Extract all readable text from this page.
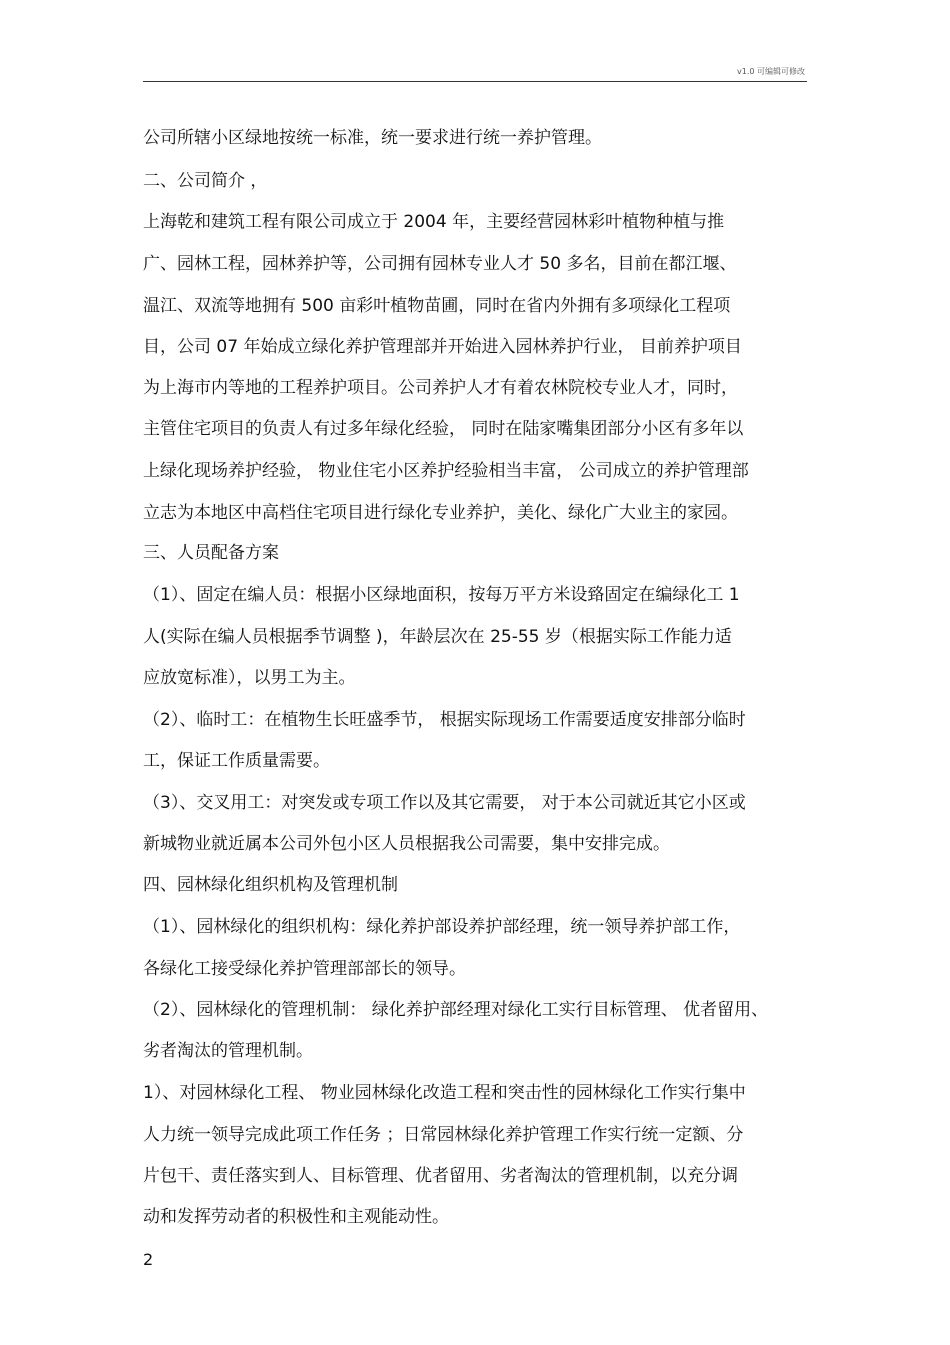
v1.0 可编辑可修改
公司所辖小区绿地按统一标准，统一要求进行统一养护管理。
二、公司简介 ，
上海乾和建筑工程有限公司成立于 2004 年，主要经营园林彩叶植物种植与推
广、园林工程，园林养护等，公司拥有园林专业人才 50 多名，目前在都江堰、
温江、双流等地拥有 500 亩彩叶植物苗圃，同时在省内外拥有多项绿化工程项
目，公司 07 年始成立绿化养护管理部并开始进入园林养护行业， 目前养护项目
为上海市内等地的工程养护项目。公司养护人才有着农林院校专业人才，同时，
主管住宅项目的负责人有过多年绿化经验， 同时在陆家嘴集团部分小区有多年以
上绿化现场养护经验， 物业住宅小区养护经验相当丰富， 公司成立的养护管理部
立志为本地区中高档住宅项目进行绿化专业养护，美化、绿化广大业主的家园。
三、人员配备方案
（1）、固定在编人员：根据小区绿地面积，按每万平方米设臵固定在编绿化工 1
人(实际在编人员根据季节调整 )，年龄层次在 25-55 岁（根据实际工作能力适
应放宽标准），以男工为主。
（2）、临时工：在植物生长旺盛季节， 根据实际现场工作需要适度安排部分临时
工，保证工作质量需要。
（3）、交叉用工：对突发或专项工作以及其它需要， 对于本公司就近其它小区或
新城物业就近属本公司外包小区人员根据我公司需要，集中安排完成。
四、园林绿化组织机构及管理机制
（1）、园林绿化的组织机构：绿化养护部设养护部经理，统一领导养护部工作，
各绿化工接受绿化养护管理部部长的领导。
（2）、园林绿化的管理机制： 绿化养护部经理对绿化工实行目标管理、 优者留用、
劣者淘汰的管理机制。
1）、对园林绿化工程、 物业园林绿化改造工程和突击性的园林绿化工作实行集中
人力统一领导完成此项工作任务 ；日常园林绿化养护管理工作实行统一定额、分
片包干、责任落实到人、目标管理、优者留用、劣者淘汰的管理机制，以充分调
动和发挥劳动者的积极性和主观能动性。
2
